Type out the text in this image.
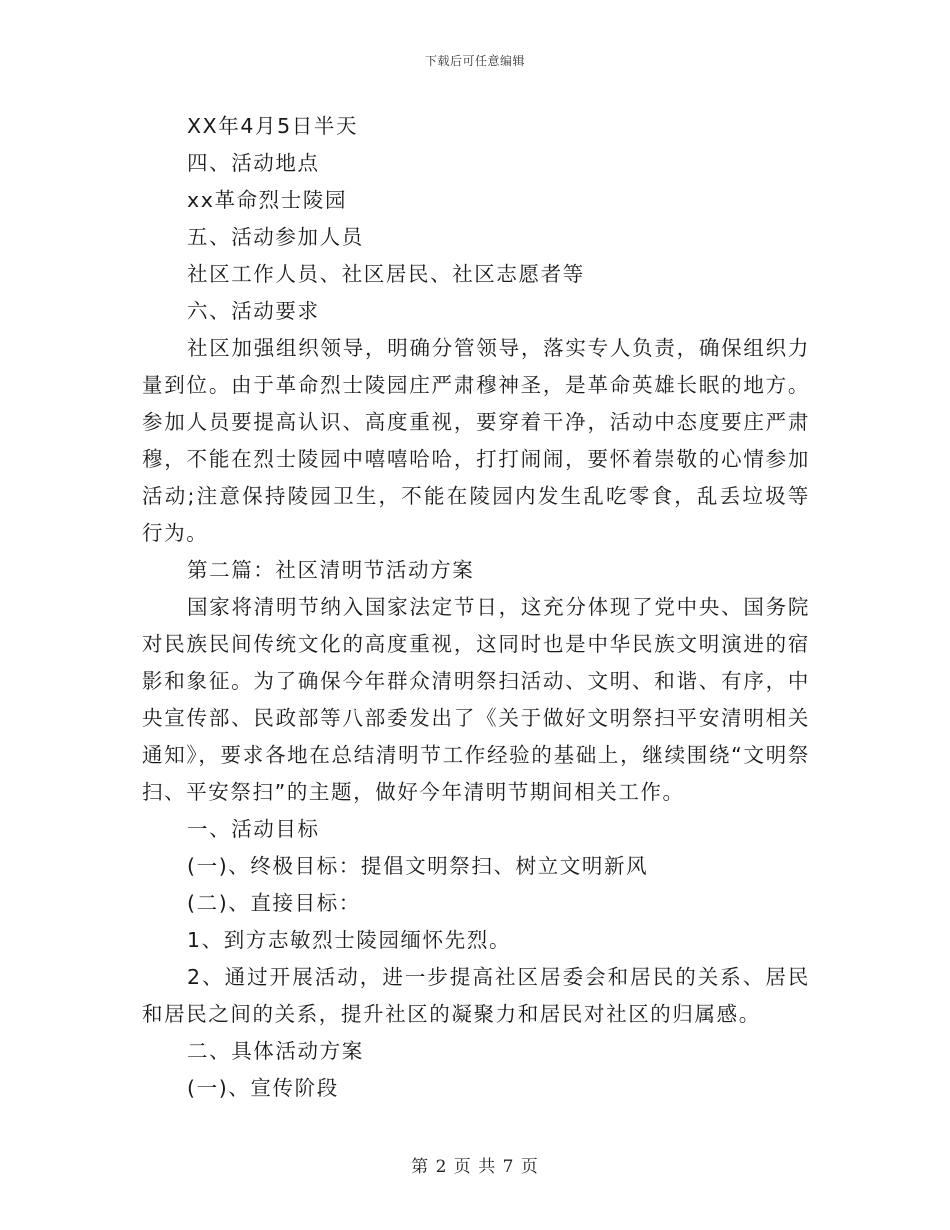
下载后可任意编辑

XX年4月5日半天

四、活动地点

xx革命烈士陵园

五、活动参加人员

社区工作人员、社区居民、社区志愿者等

六、活动要求

社区加强组织领导，明确分管领导，落实专人负责，确保组织力量到位。由于革命烈士陵园庄严肃穆神圣，是革命英雄长眠的地方。参加人员要提高认识、高度重视，要穿着干净，活动中态度要庄严肃穆，不能在烈士陵园中嘻嘻哈哈，打打闹闹，要怀着崇敬的心情参加活动;注意保持陵园卫生，不能在陵园内发生乱吃零食，乱丢垃圾等行为。

第二篇：社区清明节活动方案

国家将清明节纳入国家法定节日，这充分体现了党中央、国务院对民族民间传统文化的高度重视，这同时也是中华民族文明演进的宿影和象征。为了确保今年群众清明祭扫活动、文明、和谐、有序，中央宣传部、民政部等八部委发出了《关于做好文明祭扫平安清明相关通知》，要求各地在总结清明节工作经验的基础上，继续围绕“文明祭扫、平安祭扫”的主题，做好今年清明节期间相关工作。

一、活动目标

(一)、终极目标：提倡文明祭扫、树立文明新风

(二)、直接目标：

1、到方志敏烈士陵园缅怀先烈。

2、通过开展活动，进一步提高社区居委会和居民的关系、居民和居民之间的关系，提升社区的凝聚力和居民对社区的归属感。

二、具体活动方案

(一)、宣传阶段

第 2 页 共 7 页
